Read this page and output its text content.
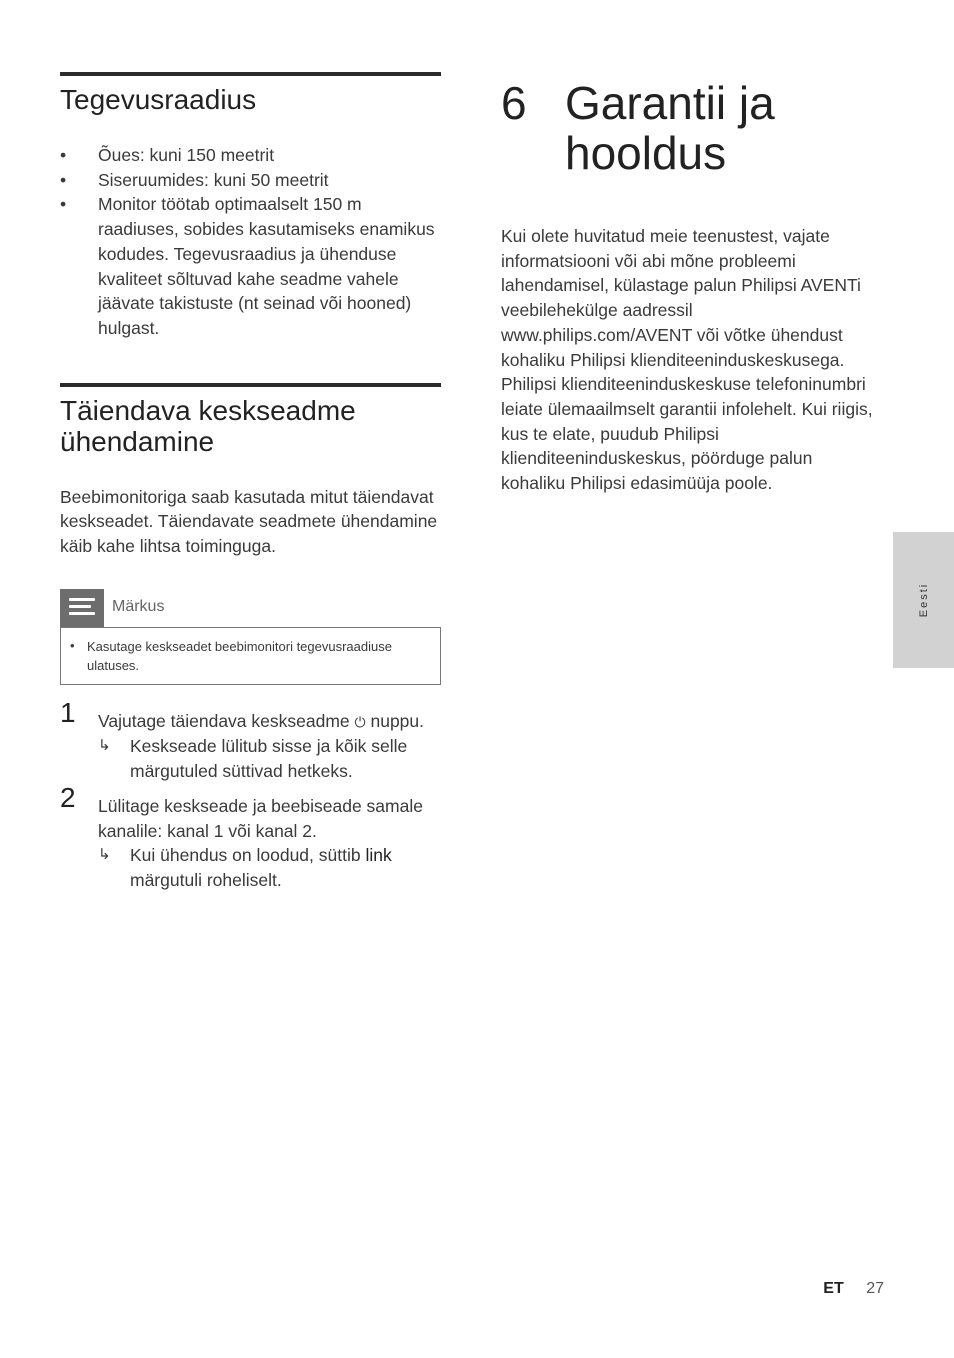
Tegevusraadius
• Õues: kuni 150 meetrit
• Siseruumides: kuni 50 meetrit
• Monitor töötab optimaalselt 150 m raadiuses, sobides kasutamiseks enamikus kodudes. Tegevusraadius ja ühenduse kvaliteet sõltuvad kahe seadme vahele jäävate takistuste (nt seinad või hooned) hulgast.
Täiendava keskseadme ühendamine

Beebimonitoriga saab kasutada mitut täiendavat keskseadet. Täiendavate seadmete ühendamine käib kahe lihtsa toiminguga.

Märkus
• Kasutage keskseadet beebimonitori tegevusraadiuse ulatuses.
1 Vajutage täiendava keskseadme ⏻ nuppu.
↳ Keskseade lülitub sisse ja kõik selle märgutuled süttivad hetkeks.
2 Lülitage keskseade ja beebiseade samale kanalile: kanal 1 või kanal 2.
↳ Kui ühendus on loodud, süttib link märgutuli roheliselt.
6 Garantii ja hooldus

Kui olete huvitatud meie teenustest, vajate informatsiooni või abi mõne probleemi lahendamisel, külastage palun Philipsi AVENTi veebilehekülge aadressil www.philips.com/AVENT või võtke ühendust kohaliku Philipsi klienditeeninduskeskusega. Philipsi klienditeeninduskeskuse telefoninumbri leiate ülemaailmselt garantii infolehelt. Kui riigis, kus te elate, puudub Philipsi klienditeeninduskeskus, pöörduge palun kohaliku Philipsi edasimüüja poole.

Eesti
ET 27
